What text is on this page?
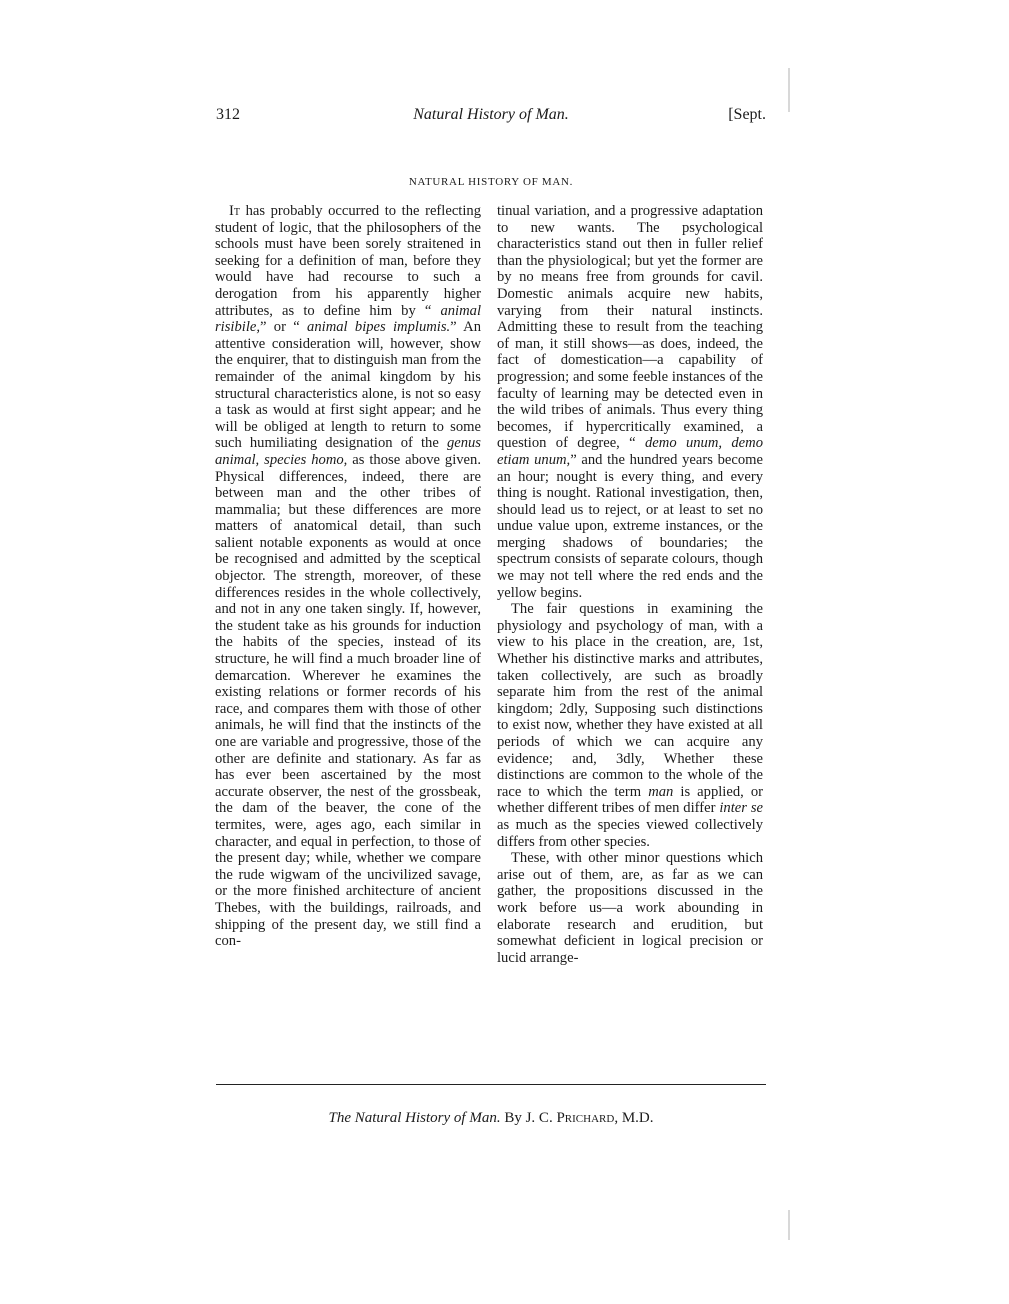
312	Natural History of Man.	[Sept.
NATURAL HISTORY OF MAN.

It has probably occurred to the reflecting student of logic, that the philosophers of the schools must have been sorely straitened in seeking for a definition of man, before they would have had recourse to such a derogation from his apparently higher attributes, as to define him by “ animal risibile,” or “ animal bipes implumis.” An attentive consideration will, however, show the enquirer, that to distinguish man from the remainder of the animal kingdom by his structural characteristics alone, is not so easy a task as would at first sight appear; and he will be obliged at length to return to some such humiliating designation of the genus animal, species homo, as those above given. Physical differences, indeed, there are between man and the other tribes of mammalia; but these differences are more matters of anatomical detail, than such salient notable exponents as would at once be recognised and admitted by the sceptical objector. The strength, moreover, of these differences resides in the whole collectively, and not in any one taken singly. If, however, the student take as his grounds for induction the habits of the species, instead of its structure, he will find a much broader line of demarcation. Wherever he examines the existing relations or former records of his race, and compares them with those of other animals, he will find that the instincts of the one are variable and progressive, those of the other are definite and stationary. As far as has ever been ascertained by the most accurate observer, the nest of the grossbeak, the dam of the beaver, the cone of the termites, were, ages ago, each similar in character, and equal in perfection, to those of the present day; while, whether we compare the rude wigwam of the uncivilized savage, or the more finished architecture of ancient Thebes, with the buildings, railroads, and shipping of the present day, we still find a con-

tinual variation, and a progressive adaptation to new wants. The psychological characteristics stand out then in fuller relief than the physiological; but yet the former are by no means free from grounds for cavil. Domestic animals acquire new habits, varying from their natural instincts. Admitting these to result from the teaching of man, it still shows—as does, indeed, the fact of domestication—a capability of progression; and some feeble instances of the faculty of learning may be detected even in the wild tribes of animals. Thus every thing becomes, if hypercritically examined, a question of degree, “ demo unum, demo etiam unum,” and the hundred years become an hour; nought is every thing, and every thing is nought. Rational investigation, then, should lead us to reject, or at least to set no undue value upon, extreme instances, or the merging shadows of boundaries; the spectrum consists of separate colours, though we may not tell where the red ends and the yellow begins.

The fair questions in examining the physiology and psychology of man, with a view to his place in the creation, are, 1st, Whether his distinctive marks and attributes, taken collectively, are such as broadly separate him from the rest of the animal kingdom; 2dly, Supposing such distinctions to exist now, whether they have existed at all periods of which we can acquire any evidence; and, 3dly, Whether these distinctions are common to the whole of the race to which the term man is applied, or whether different tribes of men differ inter se as much as the species viewed collectively differs from other species.

These, with other minor questions which arise out of them, are, as far as we can gather, the propositions discussed in the work before us—a work abounding in elaborate research and erudition, but somewhat deficient in logical precision or lucid arrange-

The Natural History of Man. By J. C. Prichard, M.D.
